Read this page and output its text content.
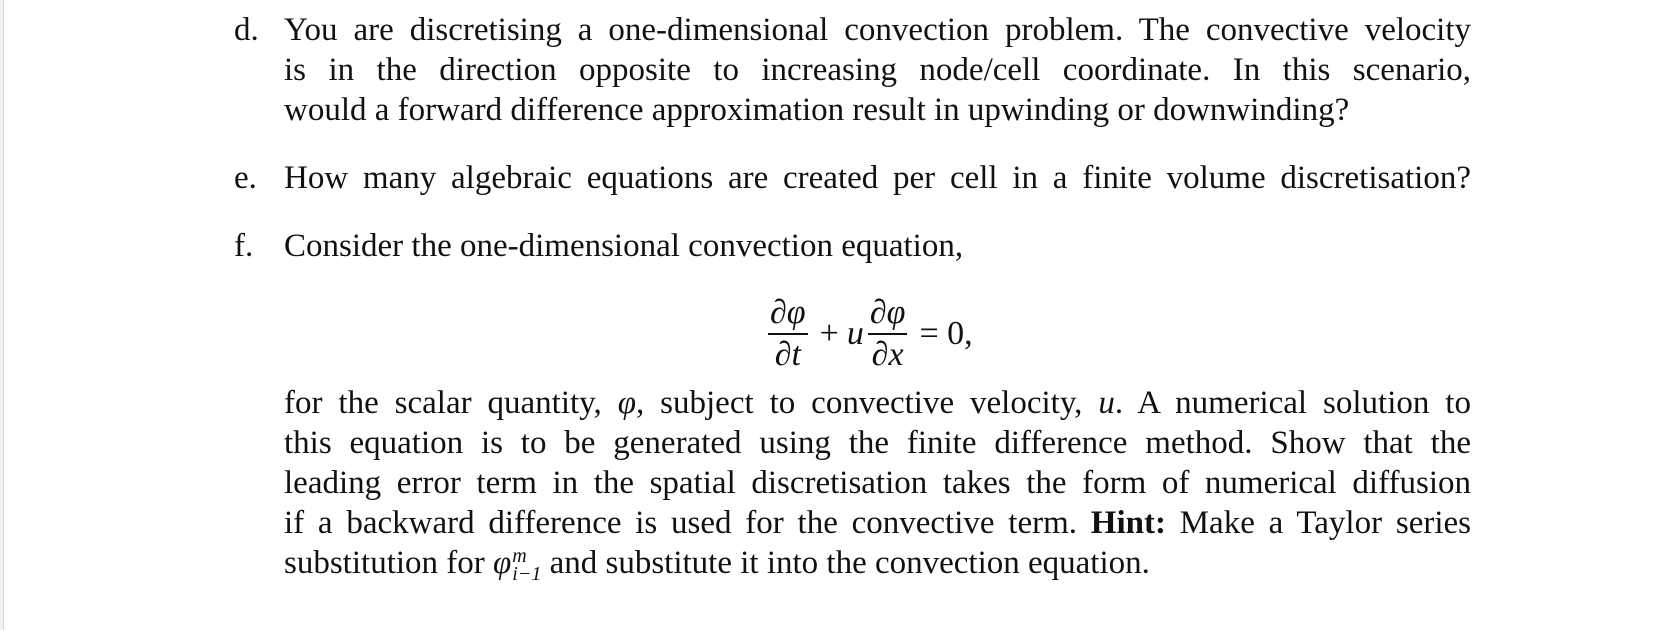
d. You are discretising a one-dimensional convection problem. The convective velocity
is in the direction opposite to increasing node/cell coordinate. In this scenario,
would a forward difference approximation result in upwinding or downwinding?
e. How many algebraic equations are created per cell in a finite volume discretisation?
f. Consider the one-dimensional convection equation,
$\frac{\partial\varphi}{\partial t} + u \frac{\partial\varphi}{\partial x} = 0$,
for the scalar quantity, φ, subject to convective velocity, u. A numerical solution to
this equation is to be generated using the finite difference method. Show that the
leading error term in the spatial discretisation takes the form of numerical diffusion
if a backward difference is used for the convective term. Hint: Make a Taylor series
substitution for φ m
i−1 and substitute it into the convection equation.
